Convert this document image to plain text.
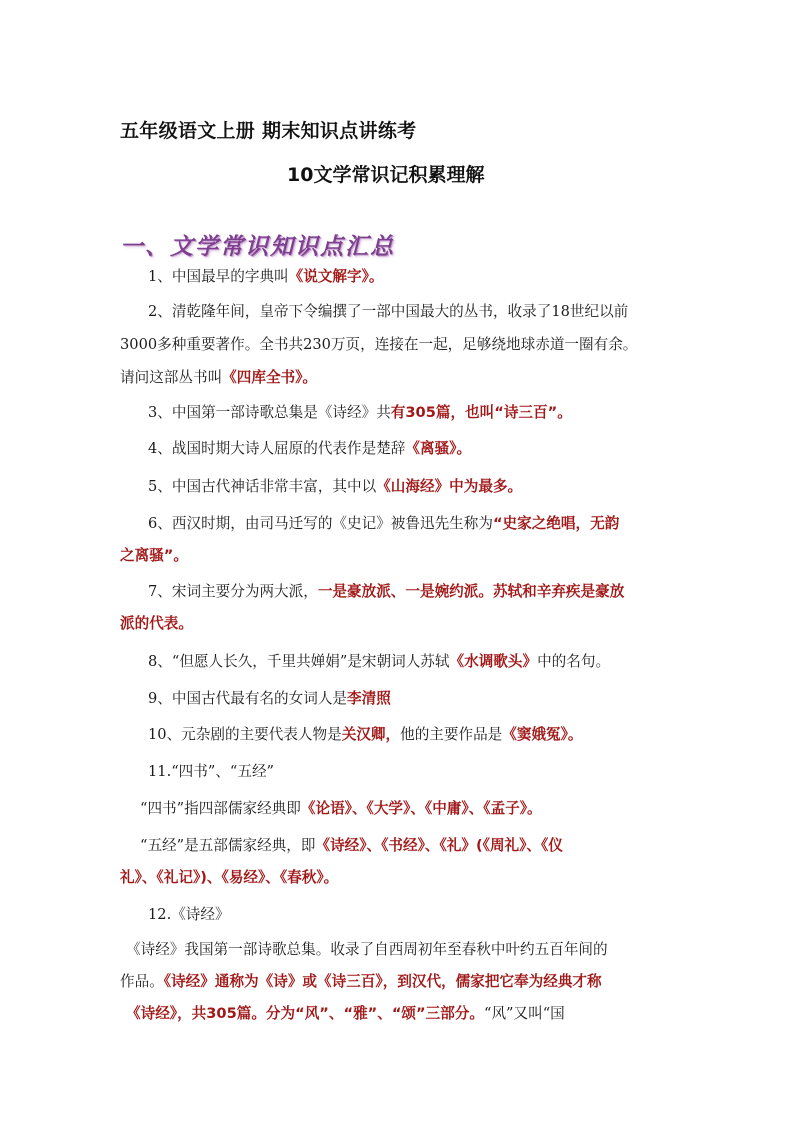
五年级语文上册 期末知识点讲练考
10文学常识记积累理解
一、文学常识知识点汇总
1、中国最早的字典叫《说文解字》。
2、清乾隆年间，皇帝下令编撰了一部中国最大的丛书，收录了18世纪以前
3000多种重要著作。全书共230万页，连接在一起，足够绕地球赤道一圈有余。
请问这部丛书叫《四库全书》。
3、中国第一部诗歌总集是《诗经》共有305篇，也叫“诗三百”。
4、战国时期大诗人屈原的代表作是楚辞《离骚》。
5、中国古代神话非常丰富，其中以《山海经》中为最多。
6、西汉时期，由司马迁写的《史记》被鲁迅先生称为“史家之绝唱，无韵
之离骚”。
7、宋词主要分为两大派，一是豪放派、一是婉约派。苏轼和辛弃疾是豪放
派的代表。
8、“但愿人长久，千里共婵娟”是宋朝词人苏轼《水调歌头》中的名句。
9、中国古代最有名的女词人是李清照
10、元杂剧的主要代表人物是关汉卿，他的主要作品是《窦娥冤》。
11.“四书”、“五经”
“四书”指四部儒家经典即《论语》、《大学》、《中庸》、《孟子》。
“五经”是五部儒家经典，即《诗经》、《书经》、《礼》(《周礼》、《仪
礼》、《礼记》)、《易经》、《春秋》。
12.《诗经》
《诗经》我国第一部诗歌总集。收录了自西周初年至春秋中叶约五百年间的
作品。《诗经》通称为《诗》或《诗三百》，到汉代，儒家把它奉为经典才称
《诗经》，共305篇。分为“风”、“雅”、“颂”三部分。“风”又叫“国
